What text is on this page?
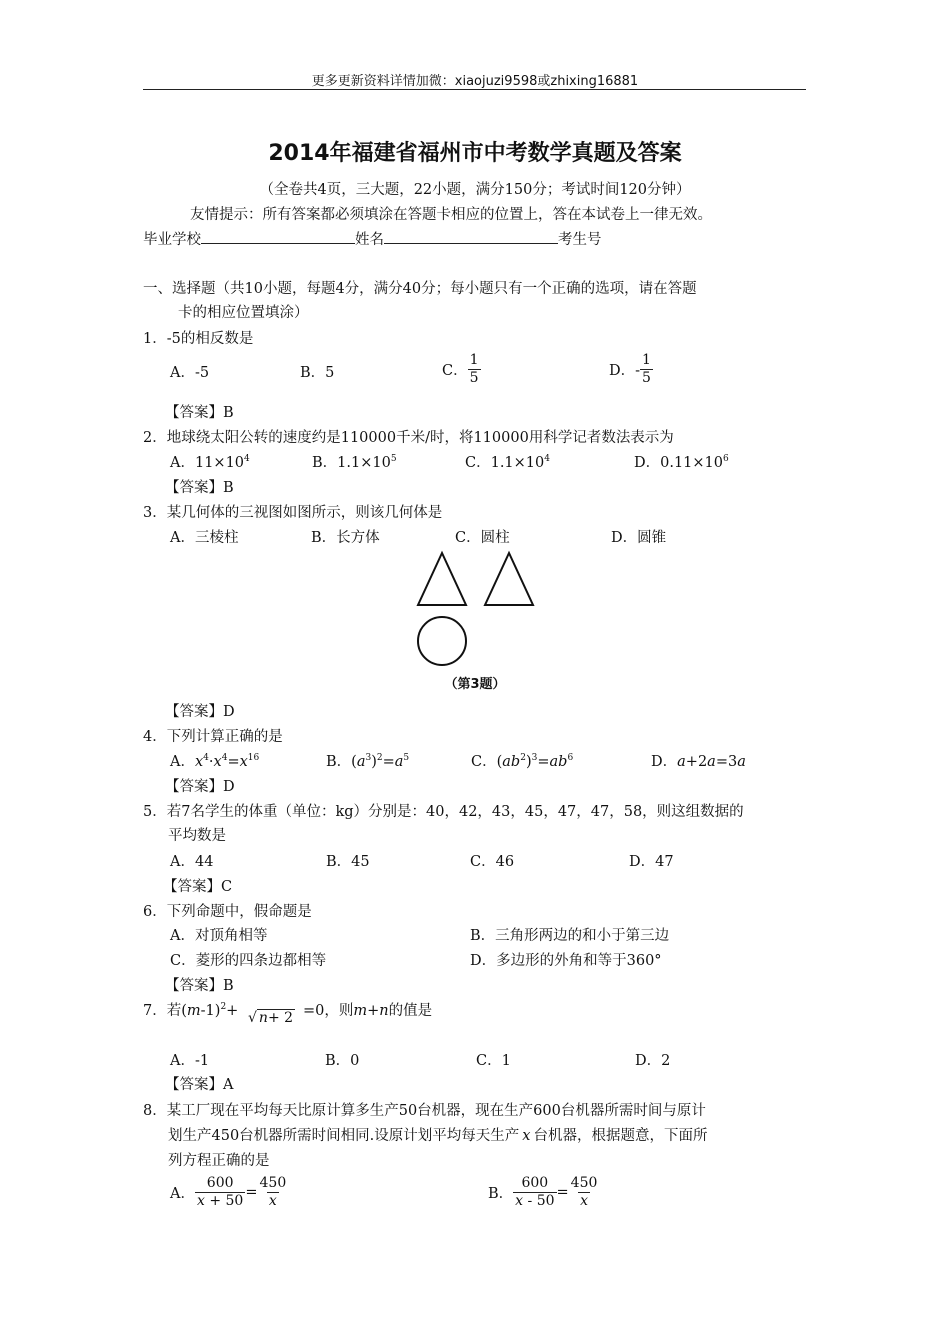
更多更新资料详情加微：xiaojuzi9598或zhixing16881
2014年福建省福州市中考数学真题及答案
（全卷共4页，三大题，22小题，满分150分；考试时间120分钟）
友情提示：所有答案都必须填涂在答题卡相应的位置上，答在本试卷上一律无效。
毕业学校	姓名	考生号
一、选择题（共10小题，每题4分，满分40分；每小题只有一个正确的选项，请在答题
卡的相应位置填涂）
1．-5的相反数是
A．-5	B．5	C． $\frac{1}{5}$	D．- $\frac{1}{5}$
【答案】B
2．地球绕太阳公转的速度约是110000千米/时，将110000用科学记者数法表示为
A．$11\times 10^4$	B．$1.1\times 10^5$	C．$1.1\times 10^4$	D．$0.11\times 10^6$
【答案】B
3．某几何体的三视图如图所示，则该几何体是
A．三棱柱	B．长方体	C．圆柱	D．圆锥
（第3题）
【答案】D
4．下列计算正确的是
A．$x^4\cdot x^4=x^{16}$	B．$(a^3)^2=a^5$	C．$(ab^2)^3=ab^6$	D．a+2a=3a
【答案】D
5．若7名学生的体重（单位：kg）分别是：40，42，43，45，47，47，58，则这组数据的
平均数是
A．44	B．45	C．46	D．47
【答案】C
6．下列命题中，假命题是
A．对顶角相等	B．三角形两边的和小于第三边
C．菱形的四条边都相等	D．多边形的外角和等于360°
【答案】B
7．若$(m-1)^2+$ √ n+ 2 =0，则m+n的值是
A．-1	B．0	C．1	D．2
【答案】A
8．某工厂现在平均每天比原计算多生产50台机器，现在生产600台机器所需时间与原计
划生产450台机器所需时间相同.设原计划平均每天生产 x 台机器，根据题意，下面所
列方程正确的是
A． $\frac{600}{x + 50} = \frac{450}{x}$	B． $\frac{600}{x - 50} = \frac{450}{x}$
